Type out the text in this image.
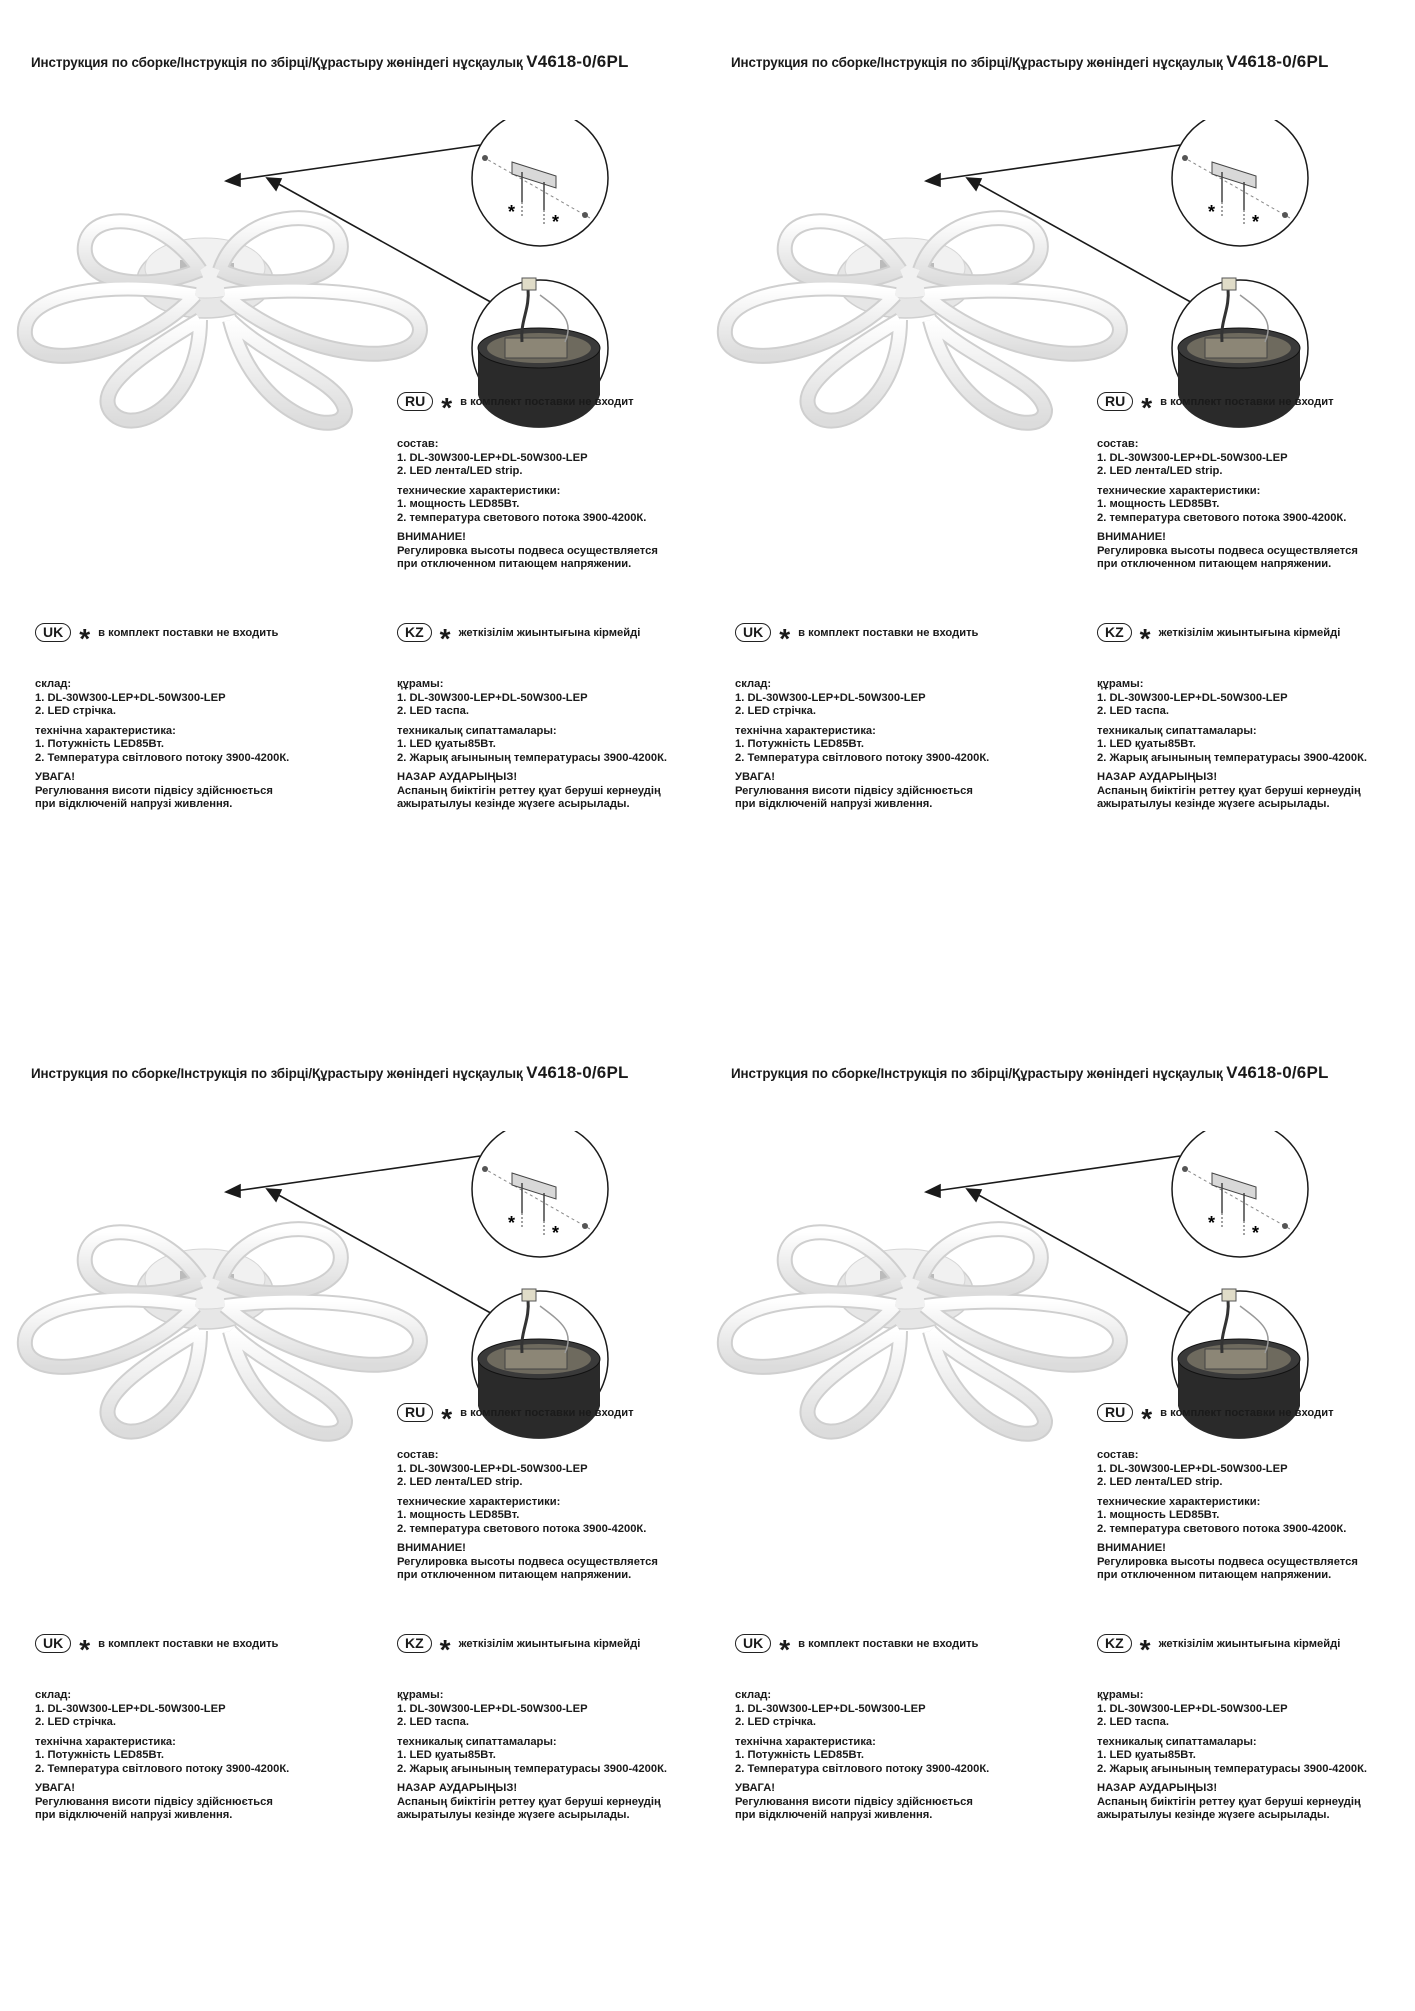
Инструкция по сборке/Інструкція по збірці/Құрастыру жөніндегі нұсқаулық V4618-0/6PL
* *
RU * в комплект поставки не входит
состав:
1. DL-30W300-LEP+DL-50W300-LEP
2. LED лента/LED strip.
технические характеристики:
1. мощность LED85Вт.
2. температура светового потока 3900-4200К.
ВНИМАНИЕ!
Регулировка высоты подвеса осуществляется
при отключенном питающем напряжении.
UK * в комплект поставки не входить
склад:
1. DL-30W300-LEP+DL-50W300-LEP
2. LED стрічка.
технічна характеристика:
1. Потужність LED85Вт.
2. Температура світлового потоку 3900-4200К.
УВАГА!
Регулювання висоти підвісу здійснюється
при відключеній напрузі живлення.
KZ * жеткізілім жиынтығына кірмейді
құрамы:
1. DL-30W300-LEP+DL-50W300-LEP
2. LED таспа.
техникалық сипаттамалары:
1. LED қуаты85Вт.
2. Жарық ағынының температурасы 3900-4200К.
НАЗАР АУДАРЫҢЫЗ!
Аспаның биіктігін реттеу қуат беруші кернеудің
ажыратылуы кезінде жүзеге асырылады.
Инструкция по сборке/Інструкція по збірці/Құрастыру жөніндегі нұсқаулық V4618-0/6PL
* *
RU * в комплект поставки не входит
состав:
1. DL-30W300-LEP+DL-50W300-LEP
2. LED лента/LED strip.
технические характеристики:
1. мощность LED85Вт.
2. температура светового потока 3900-4200К.
ВНИМАНИЕ!
Регулировка высоты подвеса осуществляется
при отключенном питающем напряжении.
UK * в комплект поставки не входить
склад:
1. DL-30W300-LEP+DL-50W300-LEP
2. LED стрічка.
технічна характеристика:
1. Потужність LED85Вт.
2. Температура світлового потоку 3900-4200К.
УВАГА!
Регулювання висоти підвісу здійснюється
при відключеній напрузі живлення.
KZ * жеткізілім жиынтығына кірмейді
құрамы:
1. DL-30W300-LEP+DL-50W300-LEP
2. LED таспа.
техникалық сипаттамалары:
1. LED қуаты85Вт.
2. Жарық ағынының температурасы 3900-4200К.
НАЗАР АУДАРЫҢЫЗ!
Аспаның биіктігін реттеу қуат беруші кернеудің
ажыратылуы кезінде жүзеге асырылады.
Инструкция по сборке/Інструкція по збірці/Құрастыру жөніндегі нұсқаулық V4618-0/6PL
* *
RU * в комплект поставки не входит
состав:
1. DL-30W300-LEP+DL-50W300-LEP
2. LED лента/LED strip.
технические характеристики:
1. мощность LED85Вт.
2. температура светового потока 3900-4200К.
ВНИМАНИЕ!
Регулировка высоты подвеса осуществляется
при отключенном питающем напряжении.
UK * в комплект поставки не входить
склад:
1. DL-30W300-LEP+DL-50W300-LEP
2. LED стрічка.
технічна характеристика:
1. Потужність LED85Вт.
2. Температура світлового потоку 3900-4200К.
УВАГА!
Регулювання висоти підвісу здійснюється
при відключеній напрузі живлення.
KZ * жеткізілім жиынтығына кірмейді
құрамы:
1. DL-30W300-LEP+DL-50W300-LEP
2. LED таспа.
техникалық сипаттамалары:
1. LED қуаты85Вт.
2. Жарық ағынының температурасы 3900-4200К.
НАЗАР АУДАРЫҢЫЗ!
Аспаның биіктігін реттеу қуат беруші кернеудің
ажыратылуы кезінде жүзеге асырылады.
Инструкция по сборке/Інструкція по збірці/Құрастыру жөніндегі нұсқаулық V4618-0/6PL
* *
RU * в комплект поставки не входит
состав:
1. DL-30W300-LEP+DL-50W300-LEP
2. LED лента/LED strip.
технические характеристики:
1. мощность LED85Вт.
2. температура светового потока 3900-4200К.
ВНИМАНИЕ!
Регулировка высоты подвеса осуществляется
при отключенном питающем напряжении.
UK * в комплект поставки не входить
склад:
1. DL-30W300-LEP+DL-50W300-LEP
2. LED стрічка.
технічна характеристика:
1. Потужність LED85Вт.
2. Температура світлового потоку 3900-4200К.
УВАГА!
Регулювання висоти підвісу здійснюється
при відключеній напрузі живлення.
KZ * жеткізілім жиынтығына кірмейді
құрамы:
1. DL-30W300-LEP+DL-50W300-LEP
2. LED таспа.
техникалық сипаттамалары:
1. LED қуаты85Вт.
2. Жарық ағынының температурасы 3900-4200К.
НАЗАР АУДАРЫҢЫЗ!
Аспаның биіктігін реттеу қуат беруші кернеудің
ажыратылуы кезінде жүзеге асырылады.
